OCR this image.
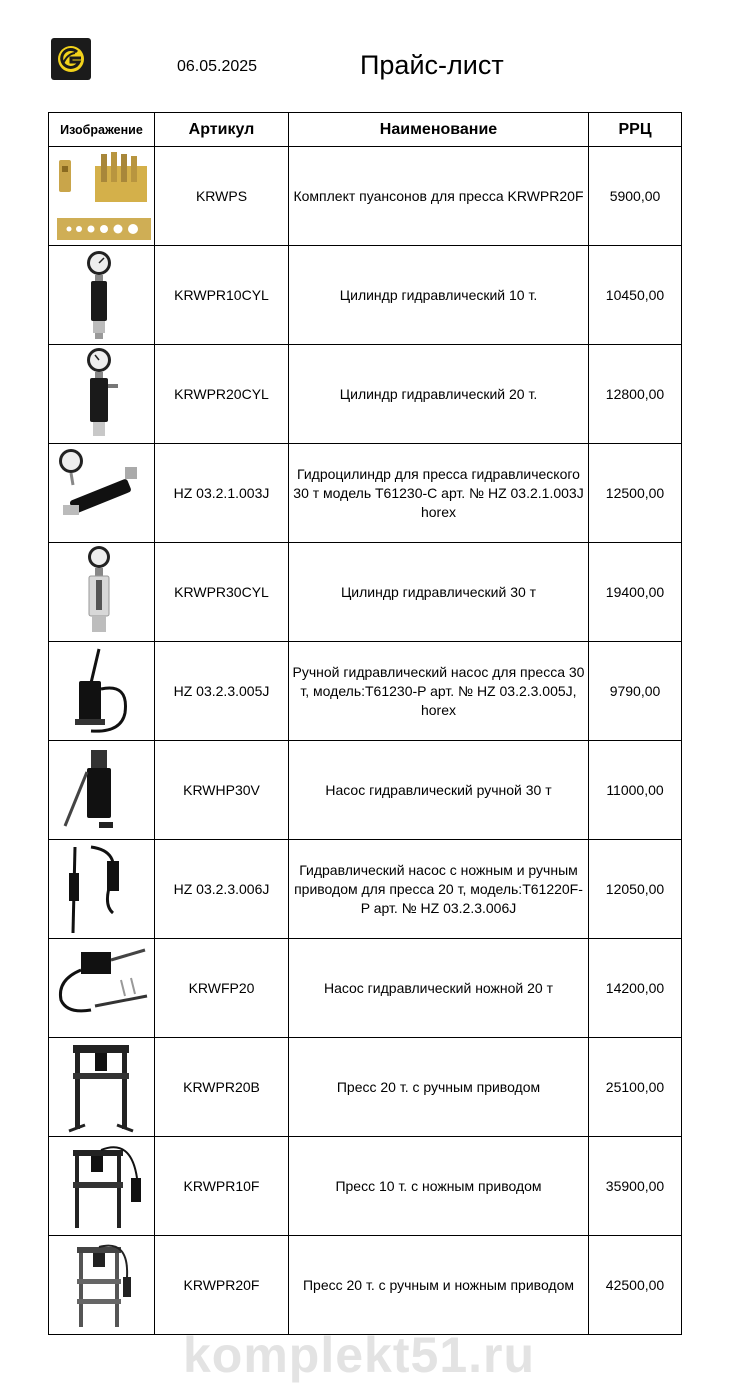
06.05.2025	Прайс-лист
Изображение	Артикул	Наименование	РРЦ

	KRWPS	Комплект пуансонов для пресса KRWPR20F	5900,00

	KRWPR10CYL	Цилиндр гидравлический 10 т.	10450,00

	KRWPR20CYL	Цилиндр гидравлический 20 т.	12800,00

	HZ 03.2.1.003J	Гидроцилиндр для пресса гидравлического 30 т модель T61230-C арт. № HZ 03.2.1.003J horex	12500,00

	KRWPR30CYL	Цилиндр гидравлический 30 т	19400,00

	HZ 03.2.3.005J	Ручной гидравлический насос для пресса 30 т, модель:T61230-P арт. № HZ 03.2.3.005J, horex	9790,00

	KRWHP30V	Насос гидравлический ручной 30 т	11000,00

	HZ 03.2.3.006J	Гидравлический насос с ножным и ручным приводом для пресса 20 т, модель:T61220F-P арт. № HZ 03.2.3.006J	12050,00

	KRWFP20	Насос гидравлический ножной 20 т	14200,00

	KRWPR20B	Пресс 20 т. с ручным приводом	25100,00

	KRWPR10F	Пресс 10 т. с ножным приводом	35900,00

	KRWPR20F	Пресс 20 т. с ручным и ножным приводом	42500,00
komplekt51.ru
